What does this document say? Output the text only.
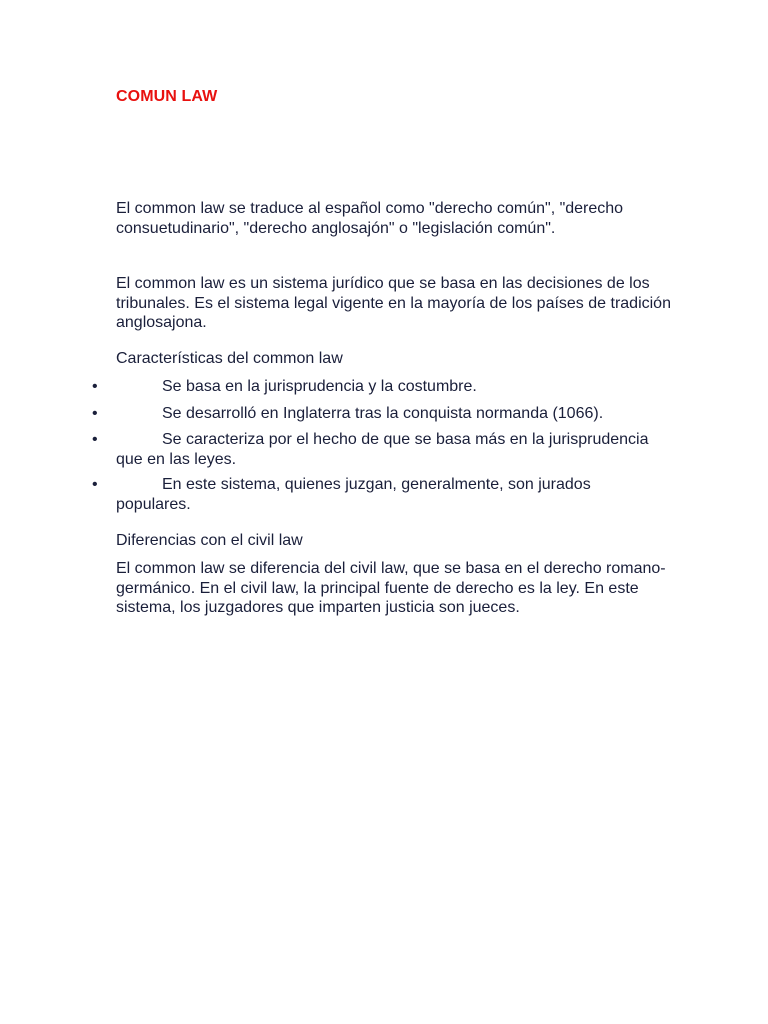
COMUN LAW

El common law se traduce al español como "derecho común", "derecho consuetudinario", "derecho anglosajón" o "legislación común".

El common law es un sistema jurídico que se basa en las decisiones de los tribunales. Es el sistema legal vigente en la mayoría de los países de tradición anglosajona.

Características del common law

•	Se basa en la jurisprudencia y la costumbre.
•	Se desarrolló en Inglaterra tras la conquista normanda (1066).
•	Se caracteriza por el hecho de que se basa más en la jurisprudencia que en las leyes.
•	En este sistema, quienes juzgan, generalmente, son jurados populares.

Diferencias con el civil law

El common law se diferencia del civil law, que se basa en el derecho romano-germánico. En el civil law, la principal fuente de derecho es la ley. En este sistema, los juzgadores que imparten justicia son jueces.
